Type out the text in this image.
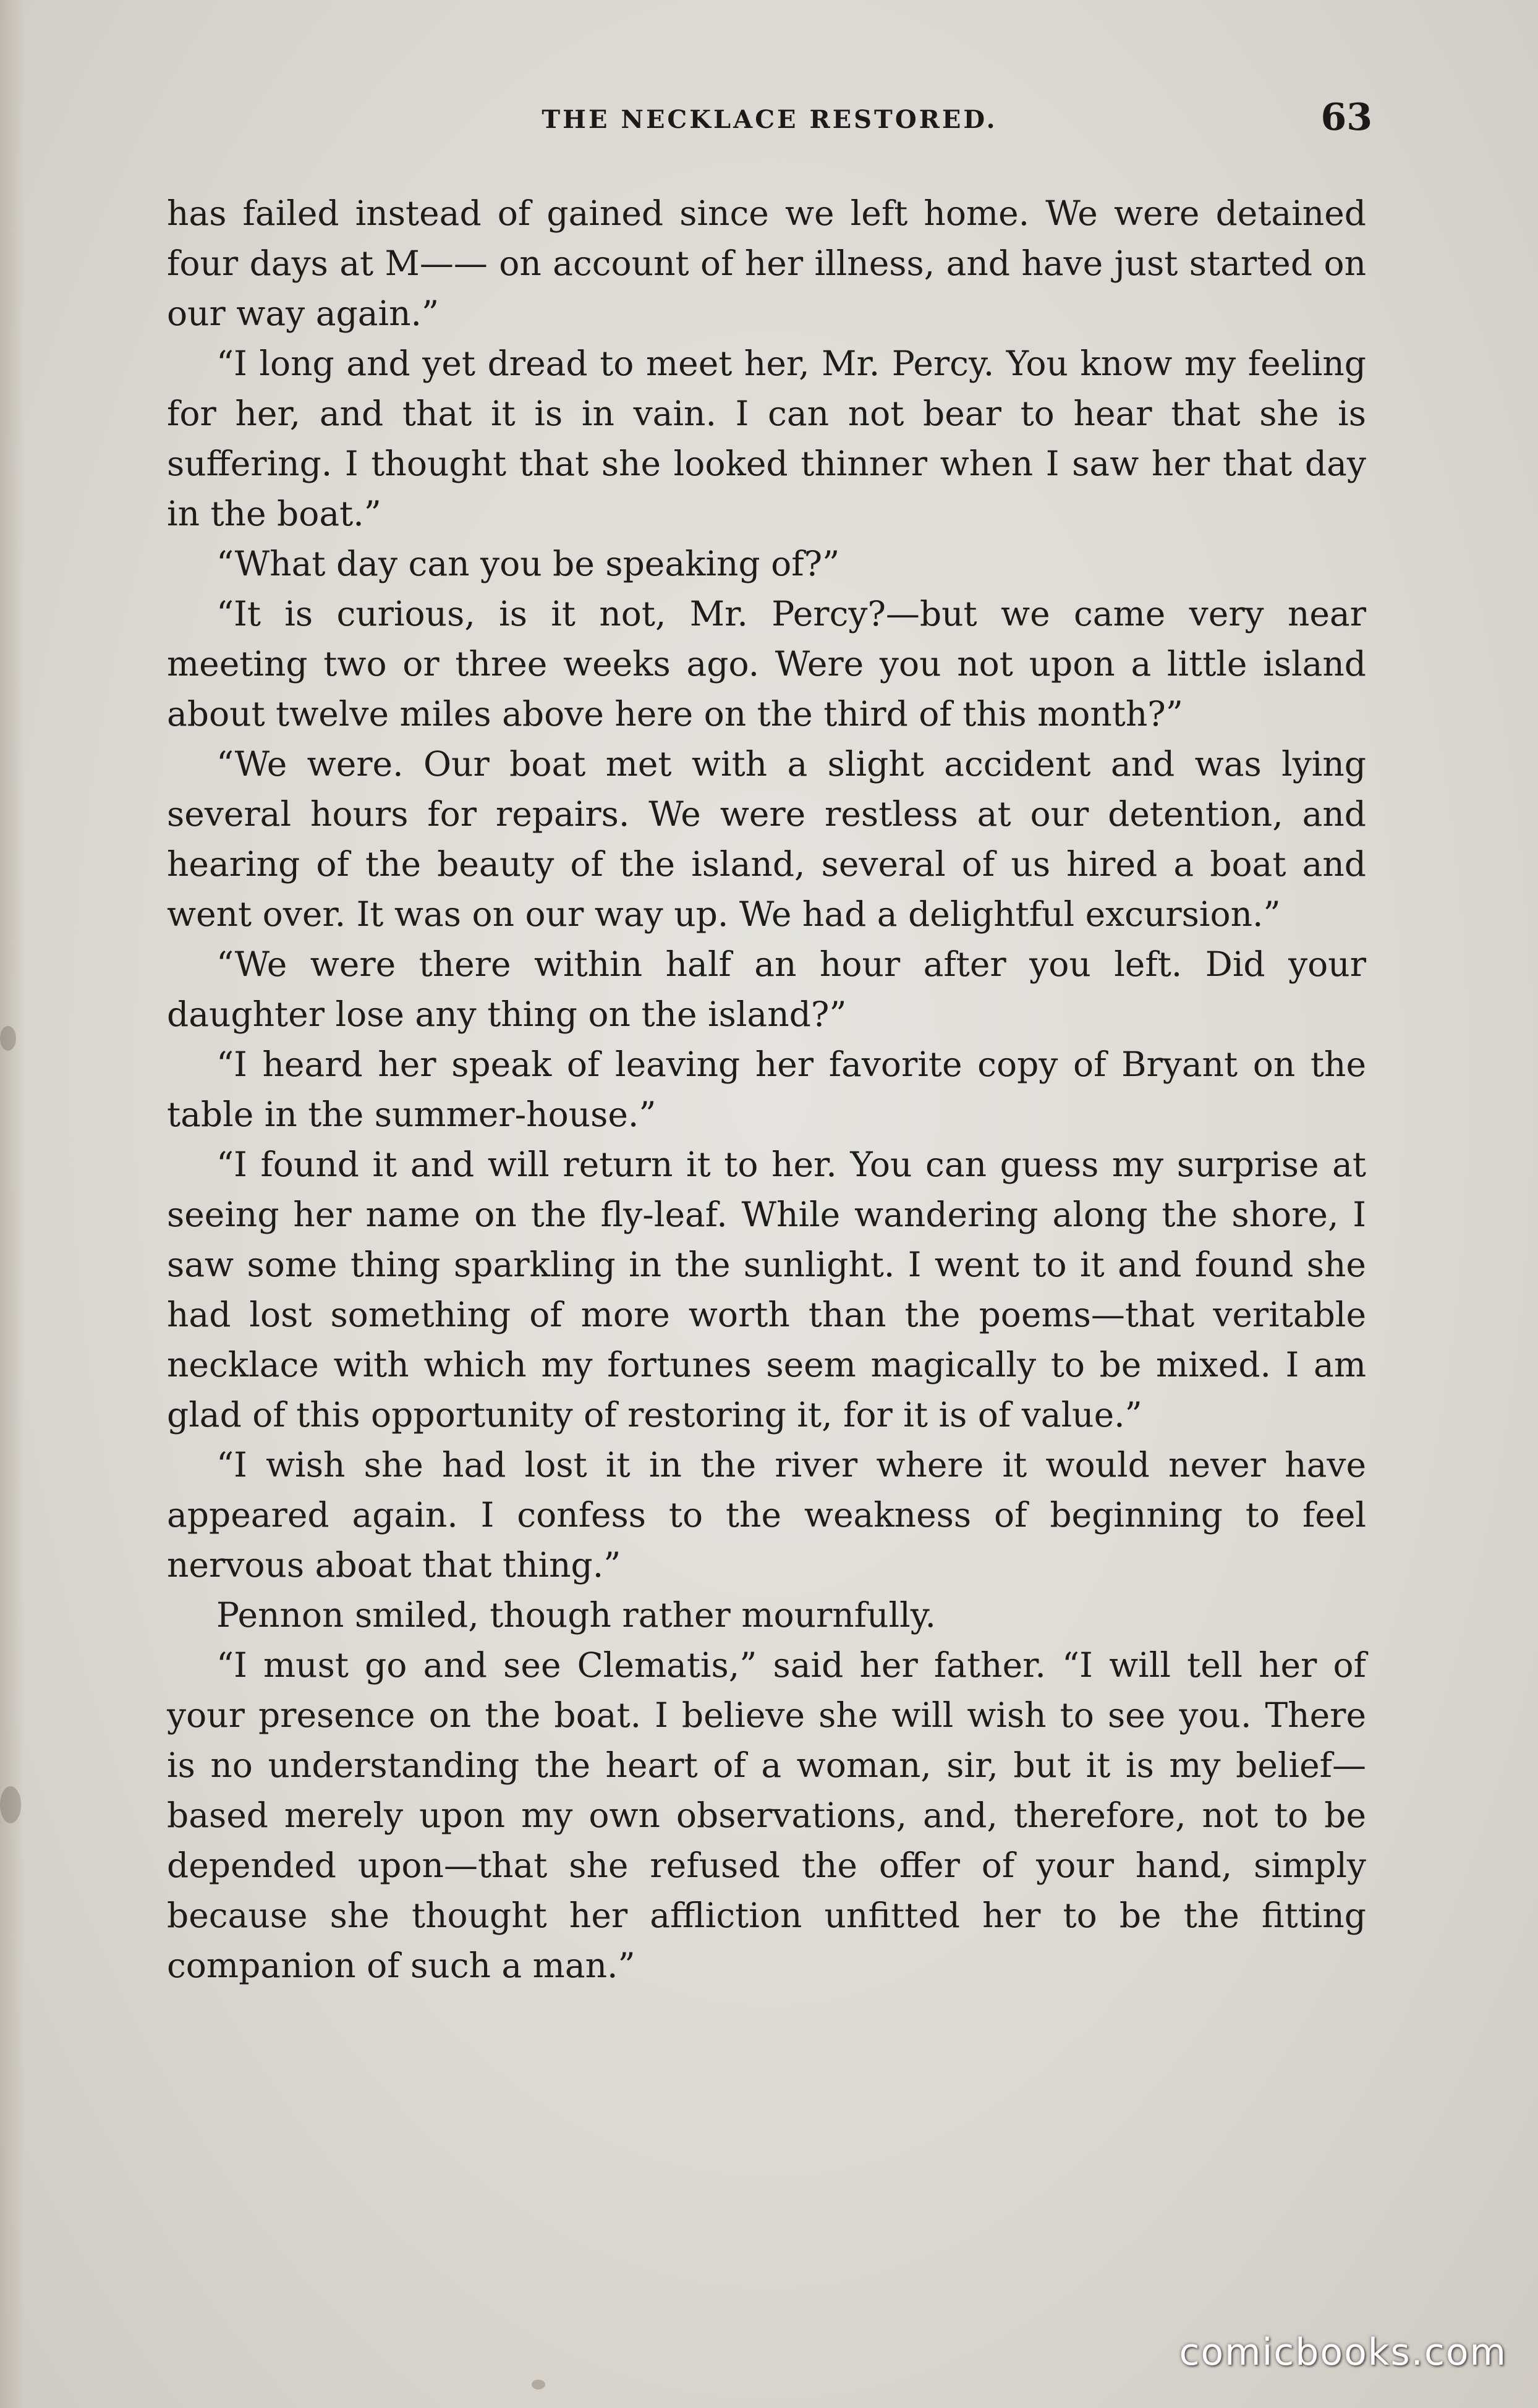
THE NECKLACE RESTORED.	63

has failed instead of gained since we left home. We were detained four days at M—— on account of her illness, and have just started on our way again.”

“I long and yet dread to meet her, Mr. Percy. You know my feeling for her, and that it is in vain. I can not bear to hear that she is suffering. I thought that she looked thinner when I saw her that day in the boat.”

“What day can you be speaking of?”

“It is curious, is it not, Mr. Percy?—but we came very near meeting two or three weeks ago. Were you not upon a little island about twelve miles above here on the third of this month?”

“We were. Our boat met with a slight accident and was lying several hours for repairs. We were restless at our detention, and hearing of the beauty of the island, several of us hired a boat and went over. It was on our way up. We had a delightful excursion.”

“We were there within half an hour after you left. Did your daughter lose any thing on the island?”

“I heard her speak of leaving her favorite copy of Bryant on the table in the summer-house.”

“I found it and will return it to her. You can guess my surprise at seeing her name on the fly-leaf. While wandering along the shore, I saw some thing sparkling in the sunlight. I went to it and found she had lost something of more worth than the poems—that veritable necklace with which my fortunes seem magically to be mixed. I am glad of this opportunity of restoring it, for it is of value.”

“I wish she had lost it in the river where it would never have appeared again. I confess to the weakness of beginning to feel nervous aboat that thing.”

Pennon smiled, though rather mournfully.

“I must go and see Clematis,” said her father. “I will tell her of your presence on the boat. I believe she will wish to see you. There is no understanding the heart of a woman, sir, but it is my belief—based merely upon my own observations, and, therefore, not to be depended upon—that she refused the offer of your hand, simply because she thought her affliction unfitted her to be the fitting companion of such a man.”

comicbooks.com
